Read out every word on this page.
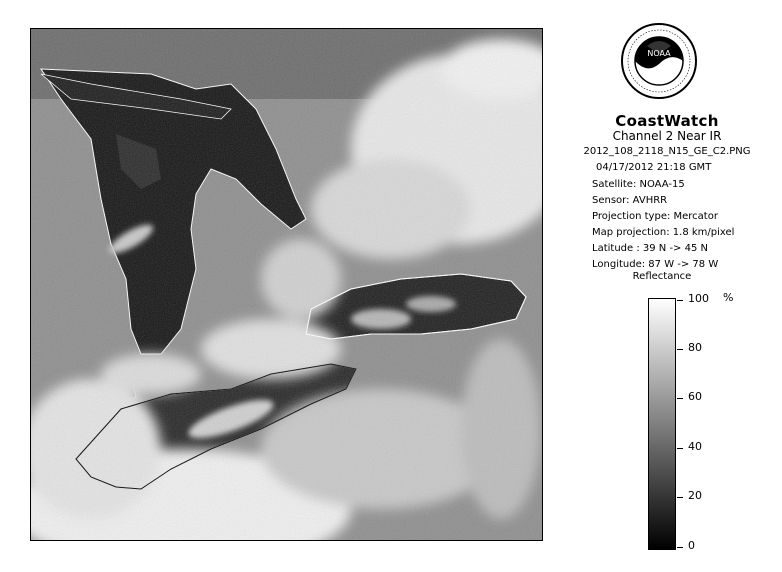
NOAA
CoastWatch
Channel 2 Near IR
2012_108_2118_N15_GE_C2.PNG
04/17/2012 21:18 GMT
Satellite: NOAA-15
Sensor: AVHRR
Projection type: Mercator
Map projection: 1.8 km/pixel
Latitude : 39 N -> 45 N
Longitude: 87 W -> 78 W
Reflectance
%
100
80
60
40
20
0
